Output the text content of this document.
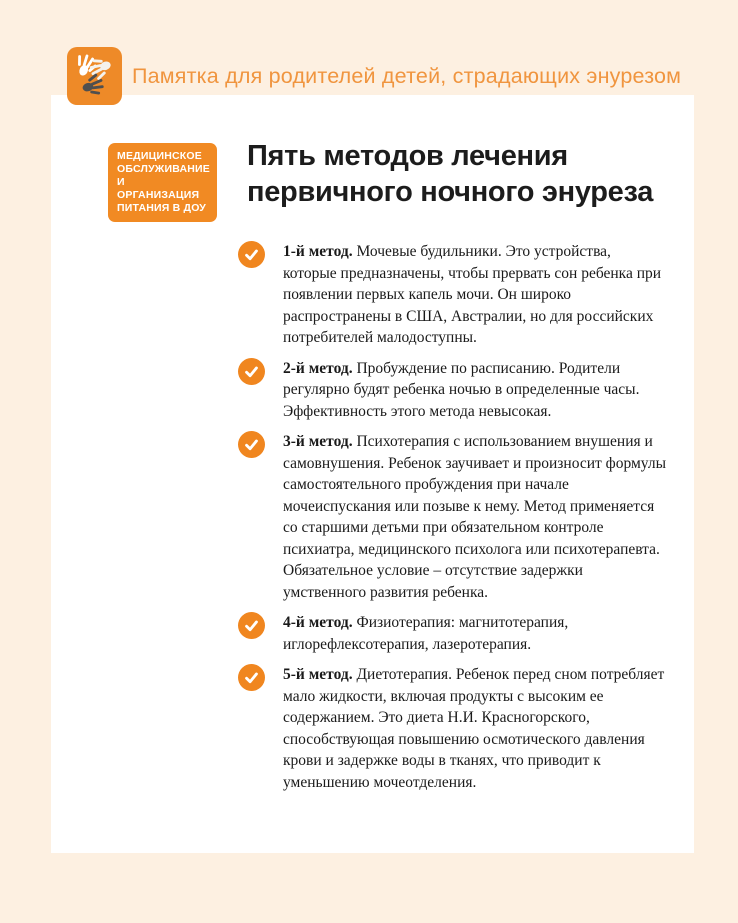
Памятка для родителей детей, страдающих энурезом
МЕДИЦИНСКОЕ
ОБСЛУЖИВАНИЕ
И ОРГАНИЗАЦИЯ
ПИТАНИЯ В ДОУ
Пять методов лечения
первичного ночного энуреза
1-й метод. Мочевые будильники. Это устройства, которые предназначены, чтобы прервать сон ребенка при появлении первых капель мочи. Он широко распространены в США, Австралии, но для российских потребителей малодоступны.
2-й метод. Пробуждение по расписанию. Родители регулярно будят ребенка ночью в определенные часы. Эффективность этого метода невысокая.
3-й метод. Психотерапия с использованием внушения и самовнушения. Ребенок заучивает и произносит формулы самостоятельного пробуждения при начале мочеиспускания или позыве к нему. Метод применяется со старшими детьми при обязательном контроле психиатра, медицинского психолога или психотерапевта. Обязательное условие – отсутствие задержки умственного развития ребенка.
4-й метод. Физиотерапия: магнитотерапия, иглорефлексотерапия, лазеротерапия.
5-й метод. Диетотерапия. Ребенок перед сном потребляет мало жидкости, включая продукты с высоким ее содержанием. Это диета Н.И. Красногорского, способствующая повышению осмотического давления крови и задержке воды в тканях, что приводит к уменьшению мочеотделения.
